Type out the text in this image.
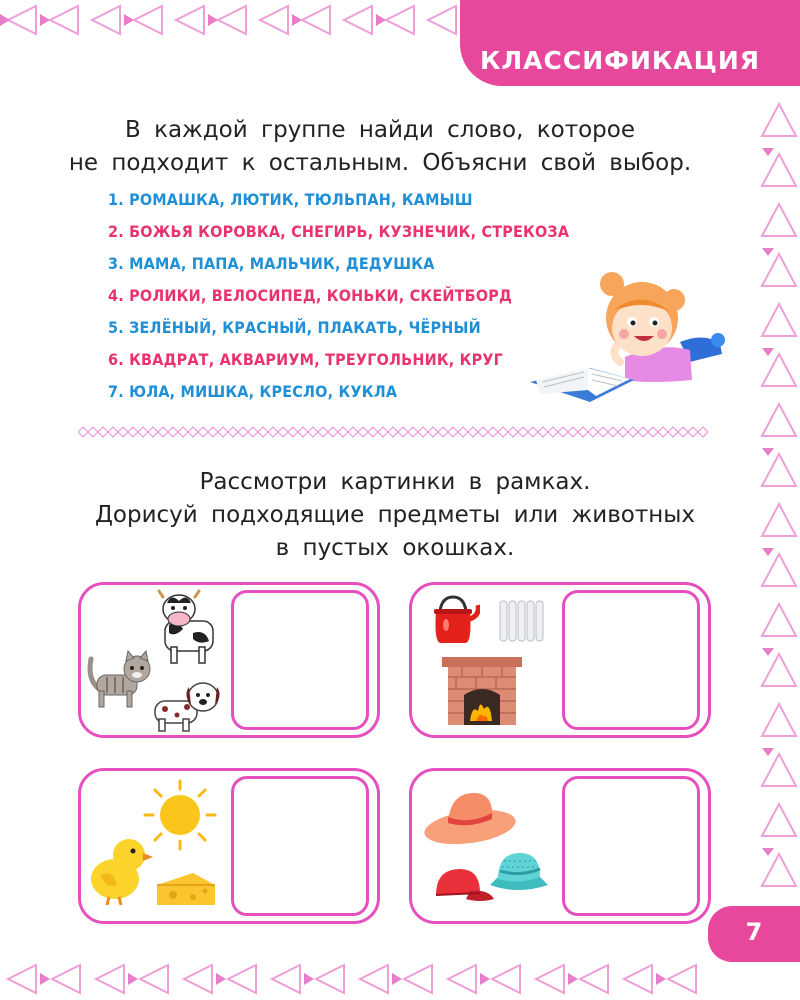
КЛАССИФИКАЦИЯ
В каждой группе найди слово, которое
не подходит к остальным. Объясни свой выбор.
1. РОМАШКА, ЛЮТИК, ТЮЛЬПАН, КАМЫШ
2. БОЖЬЯ КОРОВКА, СНЕГИРЬ, КУЗНЕЧИК, СТРЕКОЗА
3. МАМА, ПАПА, МАЛЬЧИК, ДЕДУШКА
4. РОЛИКИ, ВЕЛОСИПЕД, КОНЬКИ, СКЕЙТБОРД
5. ЗЕЛЁНЫЙ, КРАСНЫЙ, ПЛАКАТЬ, ЧЁРНЫЙ
6. КВАДРАТ, АКВАРИУМ, ТРЕУГОЛЬНИК, КРУГ
7. ЮЛА, МИШКА, КРЕСЛО, КУКЛА
Рассмотри картинки в рамках.
Дорисуй подходящие предметы или животных
в пустых окошках.
7
